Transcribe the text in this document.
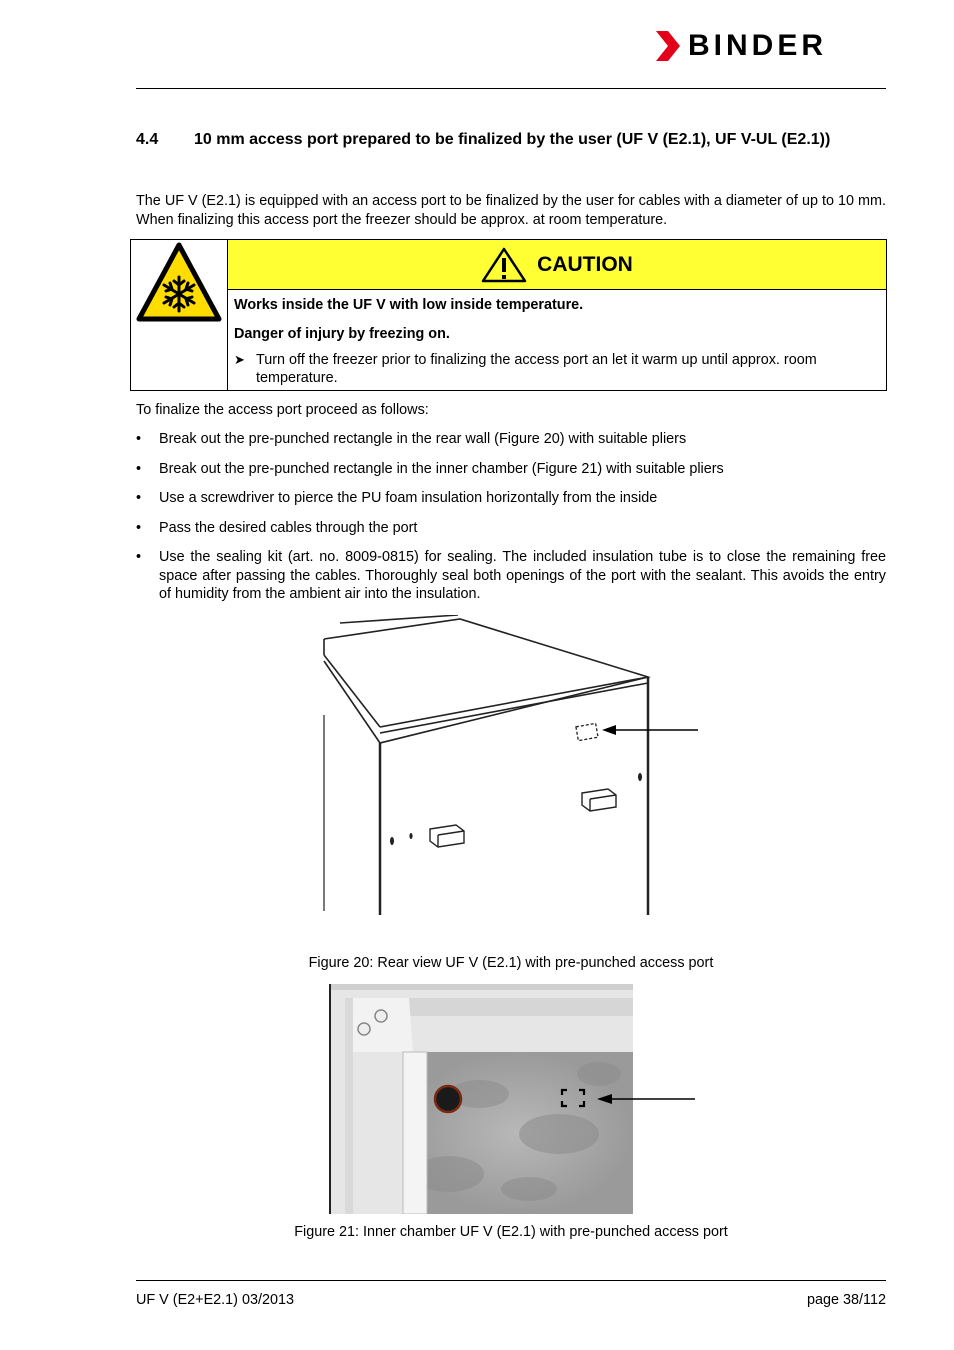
BINDER
4.4	10 mm access port prepared to be finalized by the user (UF V (E2.1), UF V-UL (E2.1))

The UF V (E2.1) is equipped with an access port to be finalized by the user for cables with a diameter of up to 10 mm. When finalizing this access port the freezer should be approx. at room temperature.

CAUTION
Works inside the UF V with low inside temperature.
Danger of injury by freezing on.
➤ Turn off the freezer prior to finalizing the access port an let it warm up until approx. room temperature.

To finalize the access port proceed as follows:

•	Break out the pre-punched rectangle in the rear wall (Figure 20) with suitable pliers
•	Break out the pre-punched rectangle in the inner chamber (Figure 21) with suitable pliers
•	Use a screwdriver to pierce the PU foam insulation horizontally from the inside
•	Pass the desired cables through the port
•	Use the sealing kit (art. no. 8009-0815) for sealing. The included insulation tube is to close the remaining free space after passing the cables. Thoroughly seal both openings of the port with the sealant. This avoids the entry of humidity from the ambient air into the insulation.
Figure 20: Rear view UF V (E2.1) with pre-punched access port
Figure 21: Inner chamber UF V (E2.1) with pre-punched access port
UF V (E2+E2.1) 03/2013	page 38/112
